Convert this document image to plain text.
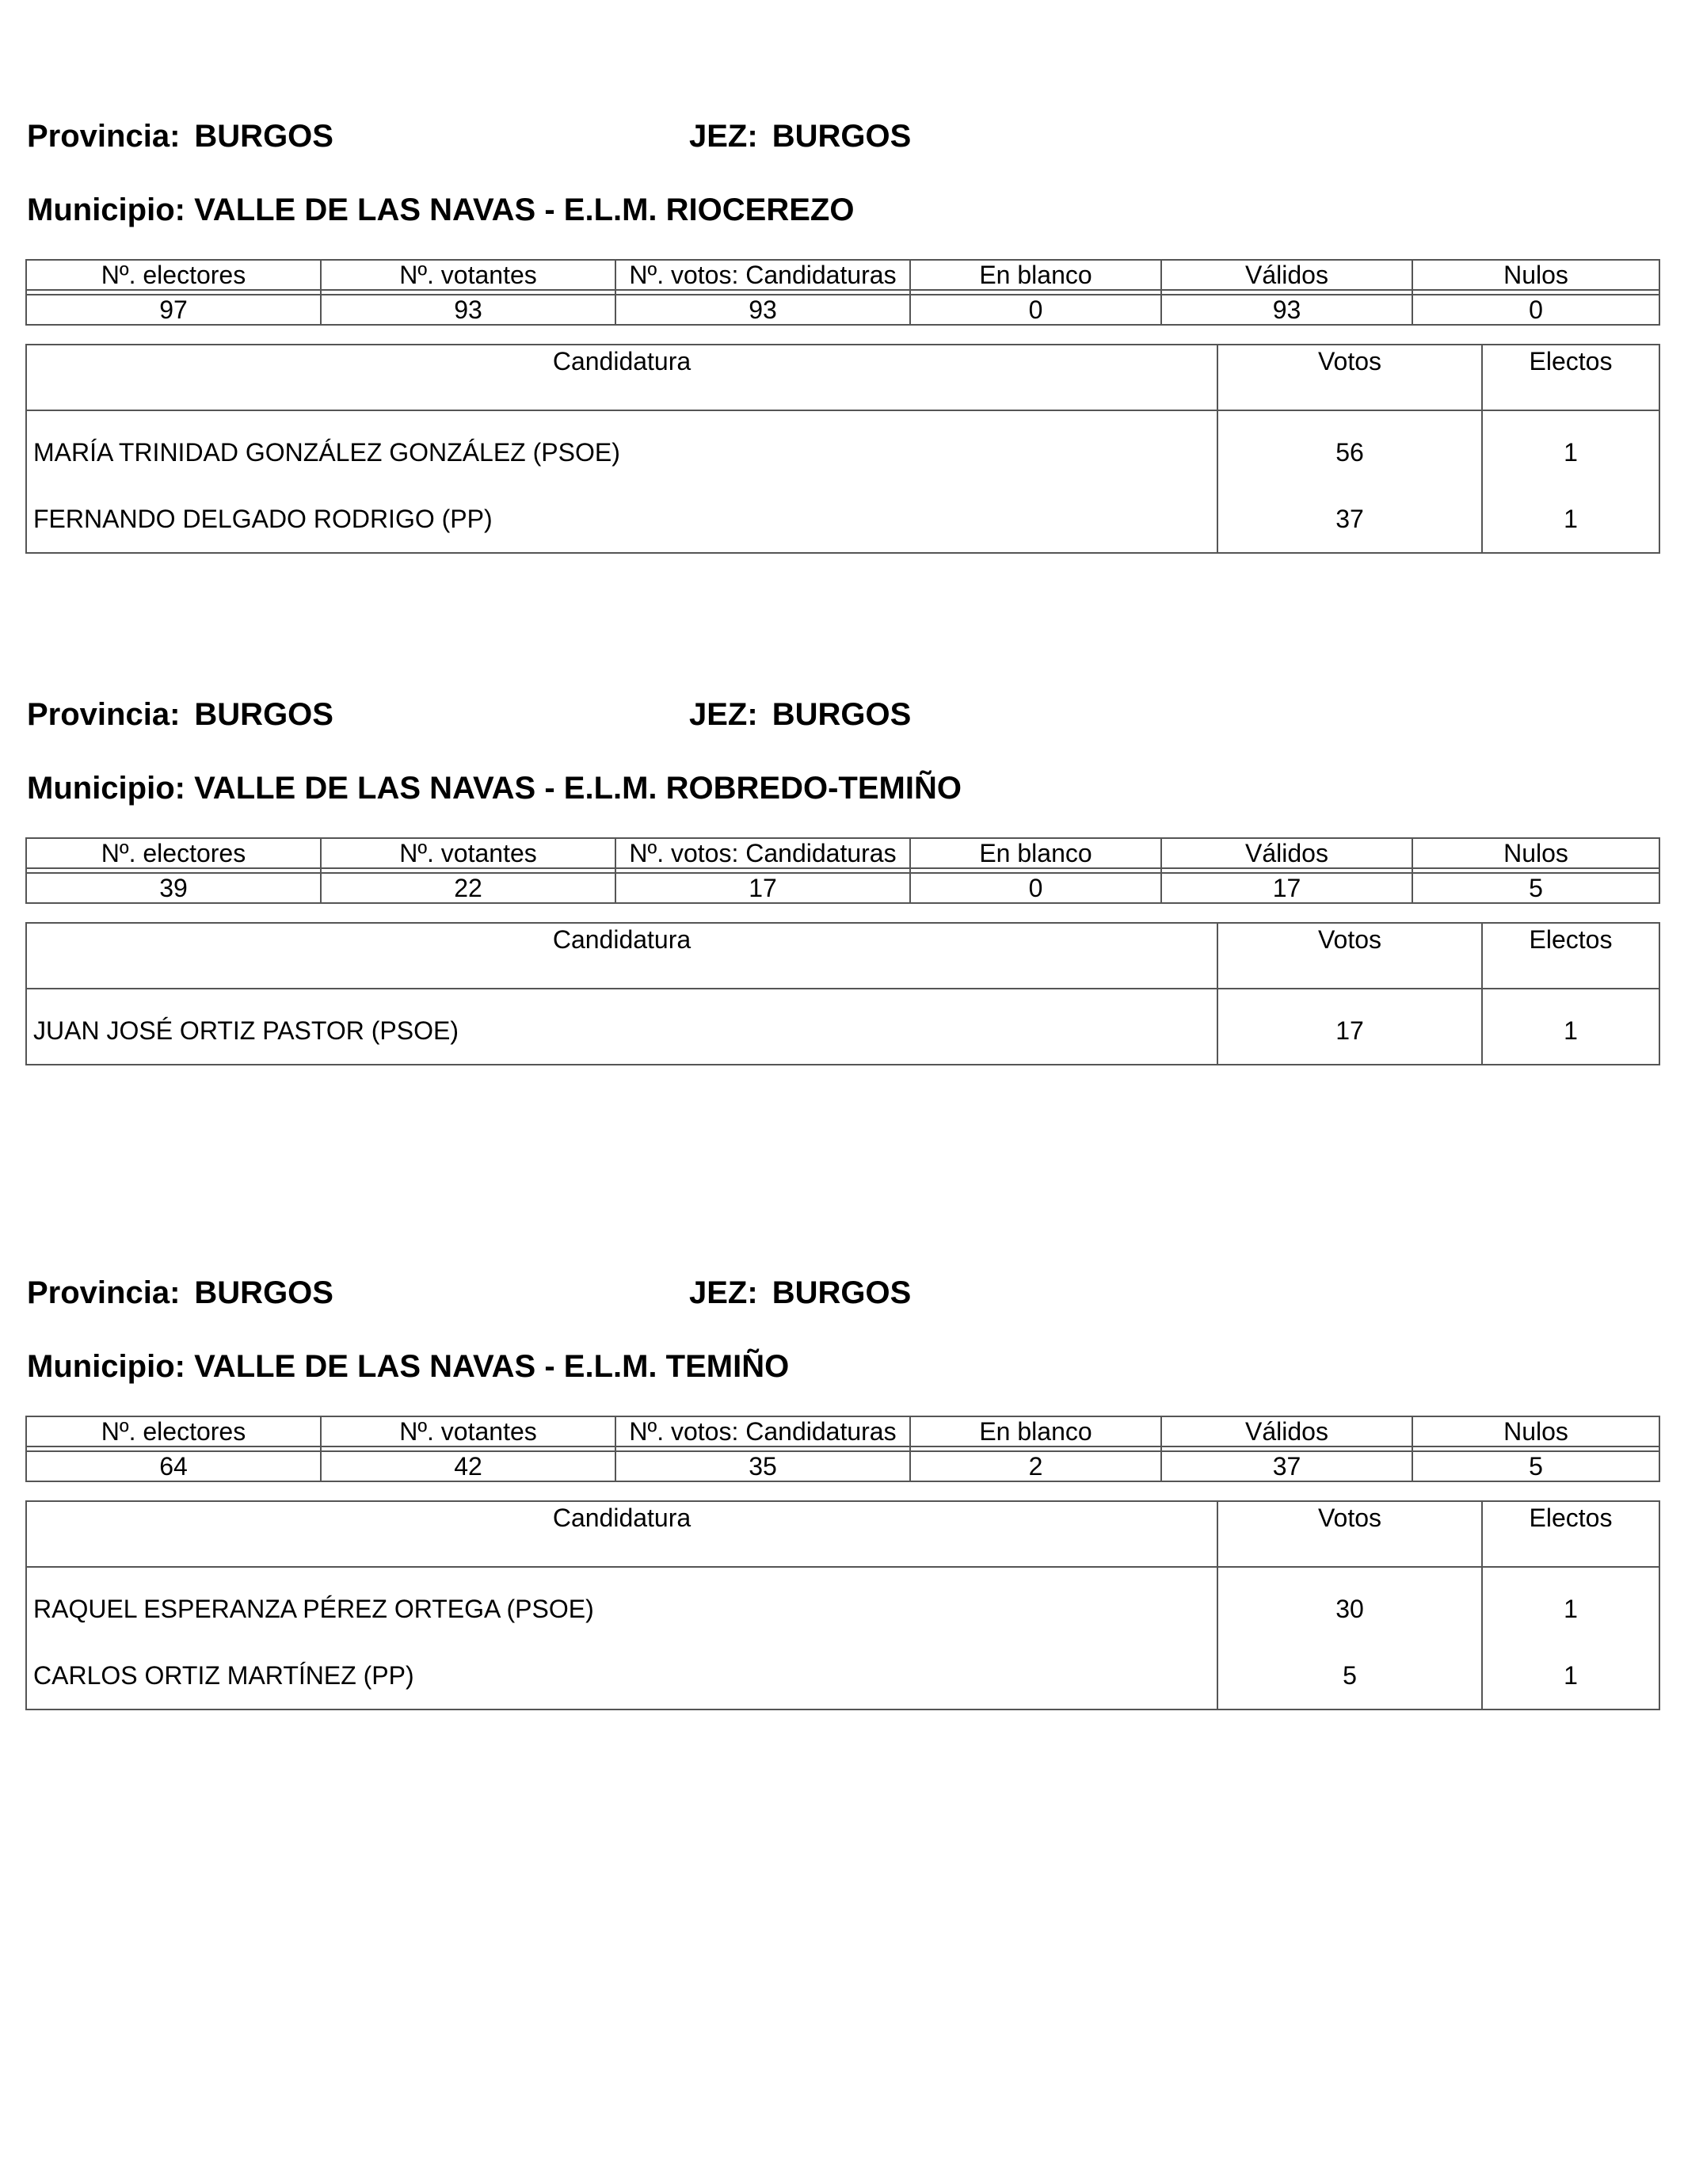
Provincia: BURGOS	JEZ: BURGOS
Municipio: VALLE DE LAS NAVAS - E.L.M. RIOCEREZO
Nº. electores	Nº. votantes	Nº. votos: Candidaturas	En blanco	Válidos	Nulos

97	93	93	0	93	0
Candidatura	Votos	Electos
MARÍA TRINIDAD GONZÁLEZ GONZÁLEZ (PSOE)	56	1
FERNANDO DELGADO RODRIGO (PP)	37	1
Provincia: BURGOS	JEZ: BURGOS
Municipio: VALLE DE LAS NAVAS - E.L.M. ROBREDO-TEMIÑO
Nº. electores	Nº. votantes	Nº. votos: Candidaturas	En blanco	Válidos	Nulos

39	22	17	0	17	5
Candidatura	Votos	Electos
JUAN JOSÉ ORTIZ PASTOR (PSOE)	17	1
Provincia: BURGOS	JEZ: BURGOS
Municipio: VALLE DE LAS NAVAS - E.L.M. TEMIÑO
Nº. electores	Nº. votantes	Nº. votos: Candidaturas	En blanco	Válidos	Nulos

64	42	35	2	37	5
Candidatura	Votos	Electos
RAQUEL ESPERANZA PÉREZ ORTEGA (PSOE)	30	1
CARLOS ORTIZ MARTÍNEZ (PP)	5	1
